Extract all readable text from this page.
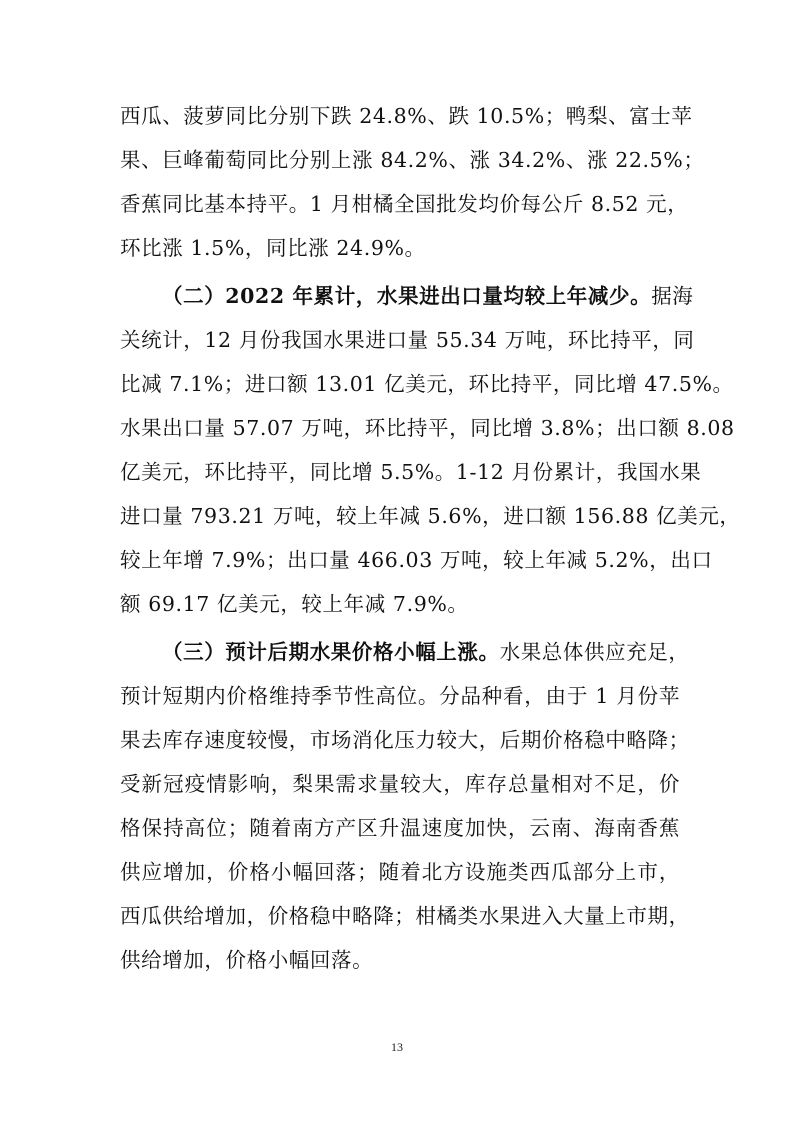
西瓜、菠萝同比分别下跌 24.8%、跌 10.5%；鸭梨、富士苹
果、巨峰葡萄同比分别上涨 84.2%、涨 34.2%、涨 22.5%；
香蕉同比基本持平。1 月柑橘全国批发均价每公斤 8.52 元，
环比涨 1.5%，同比涨 24.9%。
（二）2022 年累计，水果进出口量均较上年减少。据海
关统计，12 月份我国水果进口量 55.34 万吨，环比持平，同
比减 7.1%；进口额 13.01 亿美元，环比持平，同比增 47.5%。
水果出口量 57.07 万吨，环比持平，同比增 3.8%；出口额 8.08
亿美元，环比持平，同比增 5.5%。1-12 月份累计，我国水果
进口量 793.21 万吨，较上年减 5.6%，进口额 156.88 亿美元，
较上年增 7.9%；出口量 466.03 万吨，较上年减 5.2%，出口
额 69.17 亿美元，较上年减 7.9%。
（三）预计后期水果价格小幅上涨。水果总体供应充足，
预计短期内价格维持季节性高位。分品种看，由于 1 月份苹
果去库存速度较慢，市场消化压力较大，后期价格稳中略降；
受新冠疫情影响，梨果需求量较大，库存总量相对不足，价
格保持高位；随着南方产区升温速度加快，云南、海南香蕉
供应增加，价格小幅回落；随着北方设施类西瓜部分上市，
西瓜供给增加，价格稳中略降；柑橘类水果进入大量上市期，
供给增加，价格小幅回落。
13
